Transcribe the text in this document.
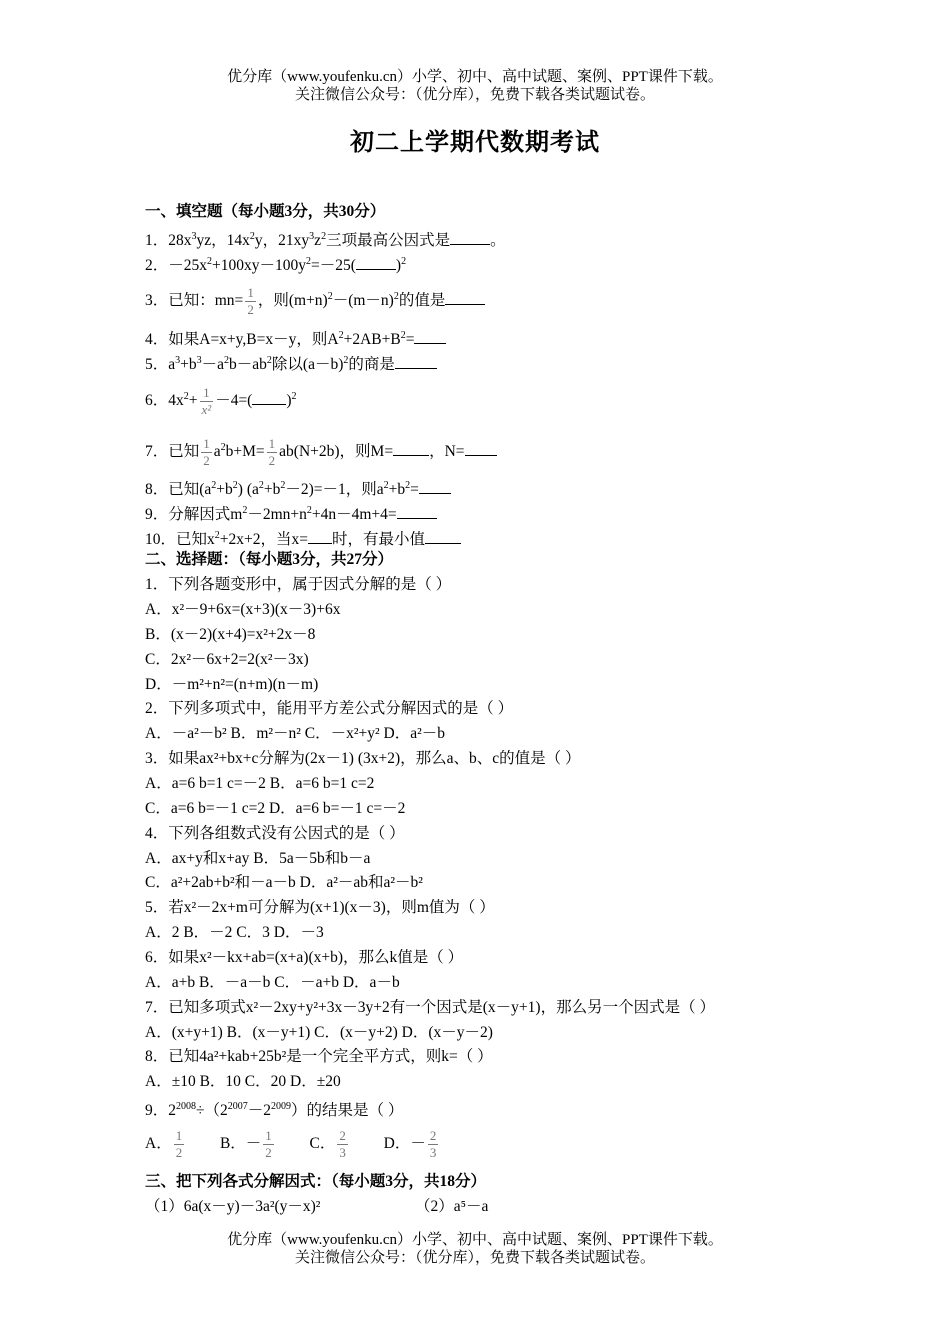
优分库（www.youfenku.cn）小学、初中、高中试题、案例、PPT课件下载。
关注微信公众号：（优分库），免费下载各类试题试卷。
初二上学期代数期考试
一、填空题（每小题3分，共30分）
1．$28x^3yz$，$14x^2y$，$21xy^3z^2$三项最高公因式是	。
2．$-25x^2+100xy-100y^2=-25$(	)$^2$
3．已知：$mn= \frac{1}{2}$ ，则$(m+n)^2-(m-n)^2$的值是
4．如果A=x+y,B=x－y，则$A^2+2AB+B^2=$
5．$a^3+b^3-a^2b-ab^2$除以$(a-b)^2$的商是
6．$4x^2+ \frac{1}{\text{x²}} -4=$( )$^2$
7．已知 $\frac{1}{2} a^2b+M= \frac{1}{2} ab(N+2b)$，则M= ，N=
8．已知$(a^2+b^2)$ $(a^2+b^2-2)=-1$，则$a^2+b^2=$
9．分解因式$m^2-2mn+n^2+4n-4m+4=$
10．已知$x^2+2x+2$，当x= 时，有最小值
二、选择题：（每小题3分，共27分）
1．下列各题变形中，属于因式分解的是（ ）
A．x²－9+6x=(x+3)(x－3)+6x
B．(x－2)(x+4)=x²+2x－8
C．2x²－6x+2=2(x²－3x)
D．－m²+n²=(n+m)(n－m)
2．下列多项式中，能用平方差公式分解因式的是（ ）
A．－a²－b² B．m²－n² C．－x²+y² D．a²－b
3．如果ax²+bx+c分解为(2x－1) (3x+2)，那么a、b、c的值是（ ）
A．a=6 b=1 c=－2 B．a=6 b=1 c=2
C．a=6 b=－1 c=2 D．a=6 b=－1 c=－2
4．下列各组数式没有公因式的是（ ）
A．ax+y和x+ay B．5a－5b和b－a
C．a²+2ab+b²和－a－b D．a²－ab和a²－b²
5．若x²－2x+m可分解为(x+1)(x－3)，则m值为（ ）
A．2 B．－2 C．3 D．－3
6．如果x²－kx+ab=(x+a)(x+b)，那么k值是（ ）
A．a+b B．－a－b C．－a+b D．a－b
7．已知多项式x²－2xy+y²+3x－3y+2有一个因式是(x－y+1)，那么另一个因式是（ ）
A．(x+y+1) B．(x－y+1) C．(x－y+2) D．(x－y－2)
8．已知4a²+kab+25b²是一个完全平方式，则k=（ ）
A．±10 B．10 C．20 D．±20
9．$2^{2008}\div(2^{2007}-2^{2009})$的结果是（ ）
A． $\frac{1}{2}$ B．－ $\frac{1}{2}$ C． $\frac{2}{3}$ D．－ $\frac{2}{3}$
三、把下列各式分解因式：（每小题3分，共18分）
（1）6a(x－y)－3a²(y－x)²	（2）a⁵－a
优分库（www.youfenku.cn）小学、初中、高中试题、案例、PPT课件下载。
关注微信公众号：（优分库），免费下载各类试题试卷。
